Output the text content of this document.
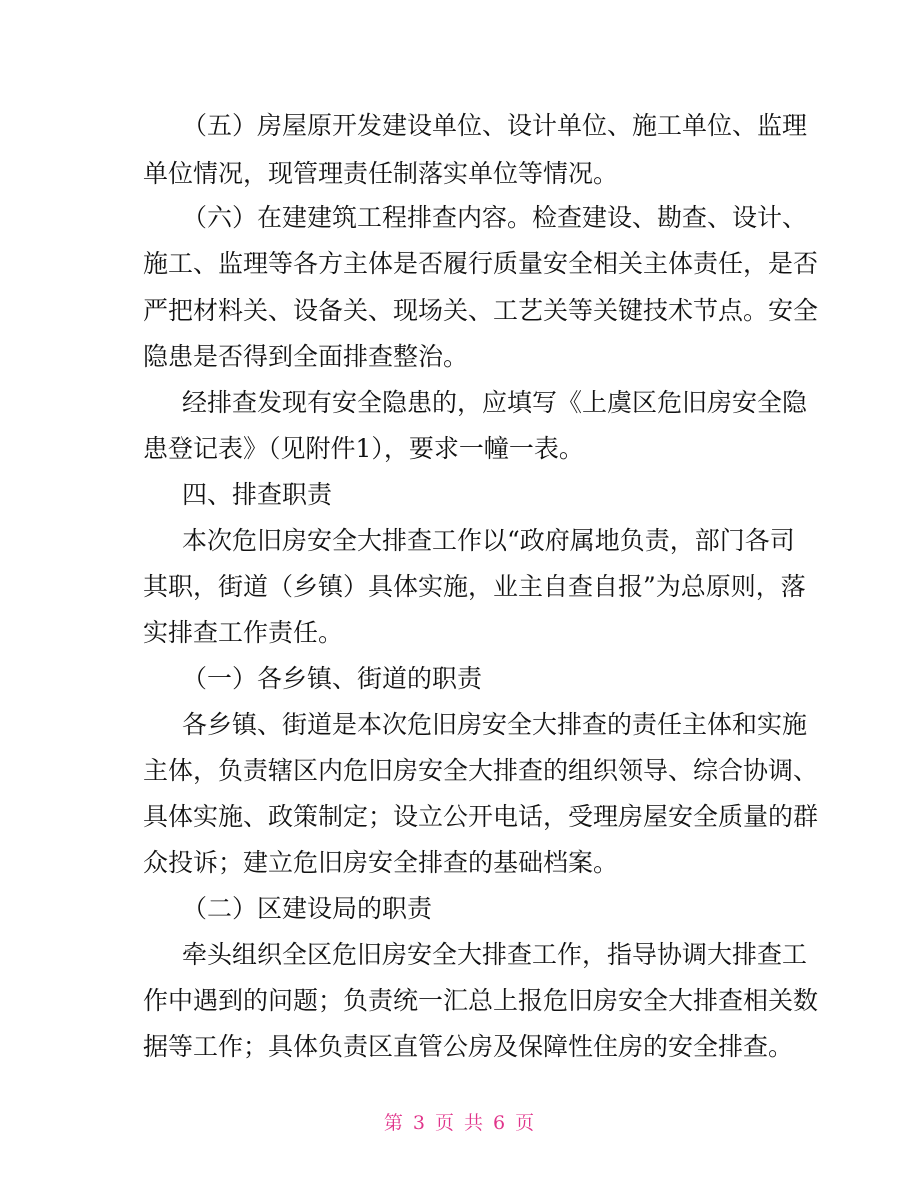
（五）房屋原开发建设单位、设计单位、施工单位、监理
单位情况，现管理责任制落实单位等情况。
（六）在建建筑工程排查内容。检查建设、勘查、设计、
施工、监理等各方主体是否履行质量安全相关主体责任，是否
严把材料关、设备关、现场关、工艺关等关键技术节点。安全
隐患是否得到全面排查整治。
经排查发现有安全隐患的，应填写《上虞区危旧房安全隐
患登记表》（见附件1），要求一幢一表。
四、排查职责
本次危旧房安全大排查工作以“政府属地负责，部门各司
其职，街道（乡镇）具体实施，业主自查自报”为总原则，落
实排查工作责任。
（一）各乡镇、街道的职责
各乡镇、街道是本次危旧房安全大排查的责任主体和实施
主体，负责辖区内危旧房安全大排查的组织领导、综合协调、
具体实施、政策制定；设立公开电话，受理房屋安全质量的群
众投诉；建立危旧房安全排查的基础档案。
（二）区建设局的职责
牵头组织全区危旧房安全大排查工作，指导协调大排查工
作中遇到的问题；负责统一汇总上报危旧房安全大排查相关数
据等工作；具体负责区直管公房及保障性住房的安全排查。
第 3 页 共 6 页
